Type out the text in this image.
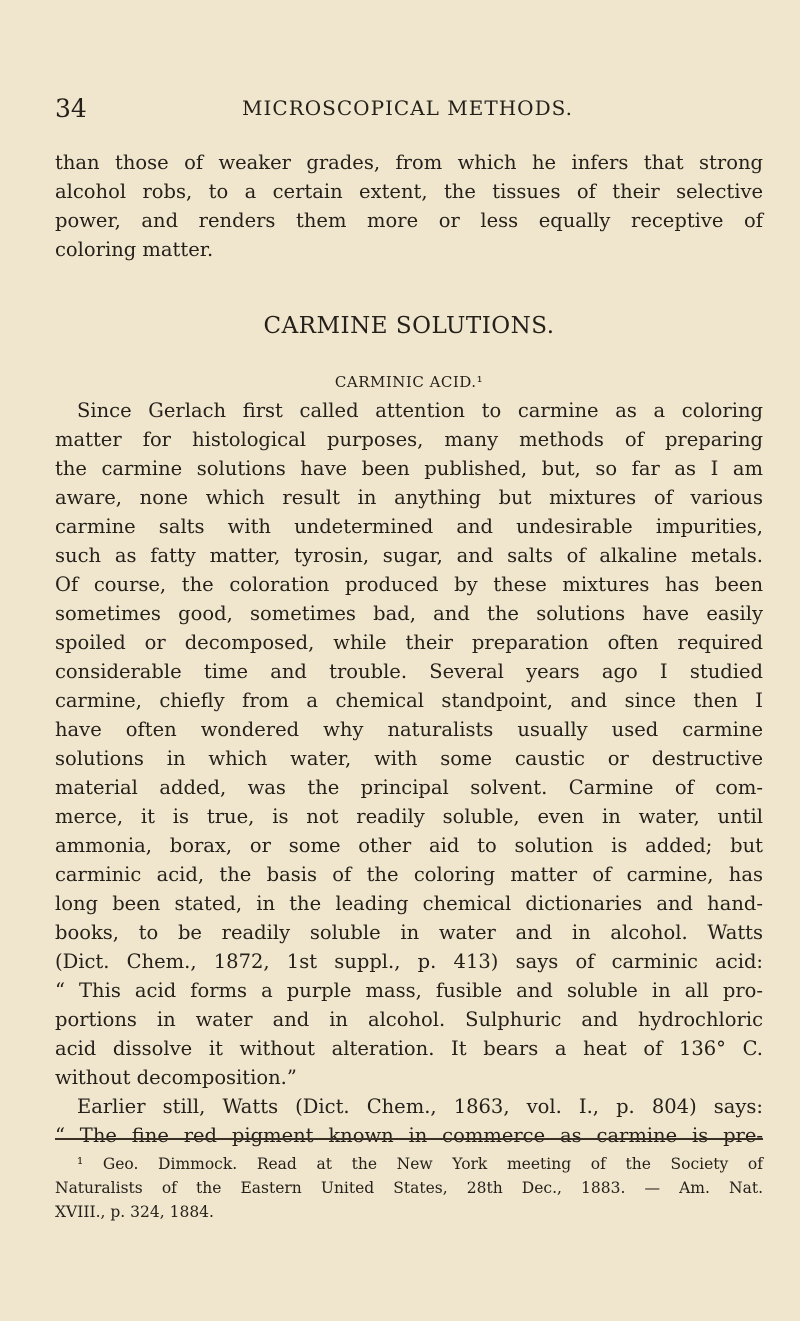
34	MICROSCOPICAL METHODS.
than those of weaker grades, from which he infers that strong
alcohol robs, to a certain extent, the tissues of their selective
power, and renders them more or less equally receptive of
coloring matter.
CARMINE SOLUTIONS.
CARMINIC ACID.¹
Since Gerlach first called attention to carmine as a coloring
matter for histological purposes, many methods of preparing
the carmine solutions have been published, but, so far as I am
aware, none which result in anything but mixtures of various
carmine salts with undetermined and undesirable impurities,
such as fatty matter, tyrosin, sugar, and salts of alkaline metals.
Of course, the coloration produced by these mixtures has been
sometimes good, sometimes bad, and the solutions have easily
spoiled or decomposed, while their preparation often required
considerable time and trouble. Several years ago I studied
carmine, chiefly from a chemical standpoint, and since then I
have often wondered why naturalists usually used carmine
solutions in which water, with some caustic or destructive
material added, was the principal solvent. Carmine of com-
merce, it is true, is not readily soluble, even in water, until
ammonia, borax, or some other aid to solution is added; but
carminic acid, the basis of the coloring matter of carmine, has
long been stated, in the leading chemical dictionaries and hand-
books, to be readily soluble in water and in alcohol. Watts
(Dict. Chem., 1872, 1st suppl., p. 413) says of carminic acid:
“ This acid forms a purple mass, fusible and soluble in all pro-
portions in water and in alcohol. Sulphuric and hydrochloric
acid dissolve it without alteration. It bears a heat of 136° C.
without decomposition.”
Earlier still, Watts (Dict. Chem., 1863, vol. I., p. 804) says:
“ The fine red pigment known in commerce as carmine is pre-
¹ Geo. Dimmock. Read at the New York meeting of the Society of
Naturalists of the Eastern United States, 28th Dec., 1883. — Am. Nat.
XVIII., p. 324, 1884.
